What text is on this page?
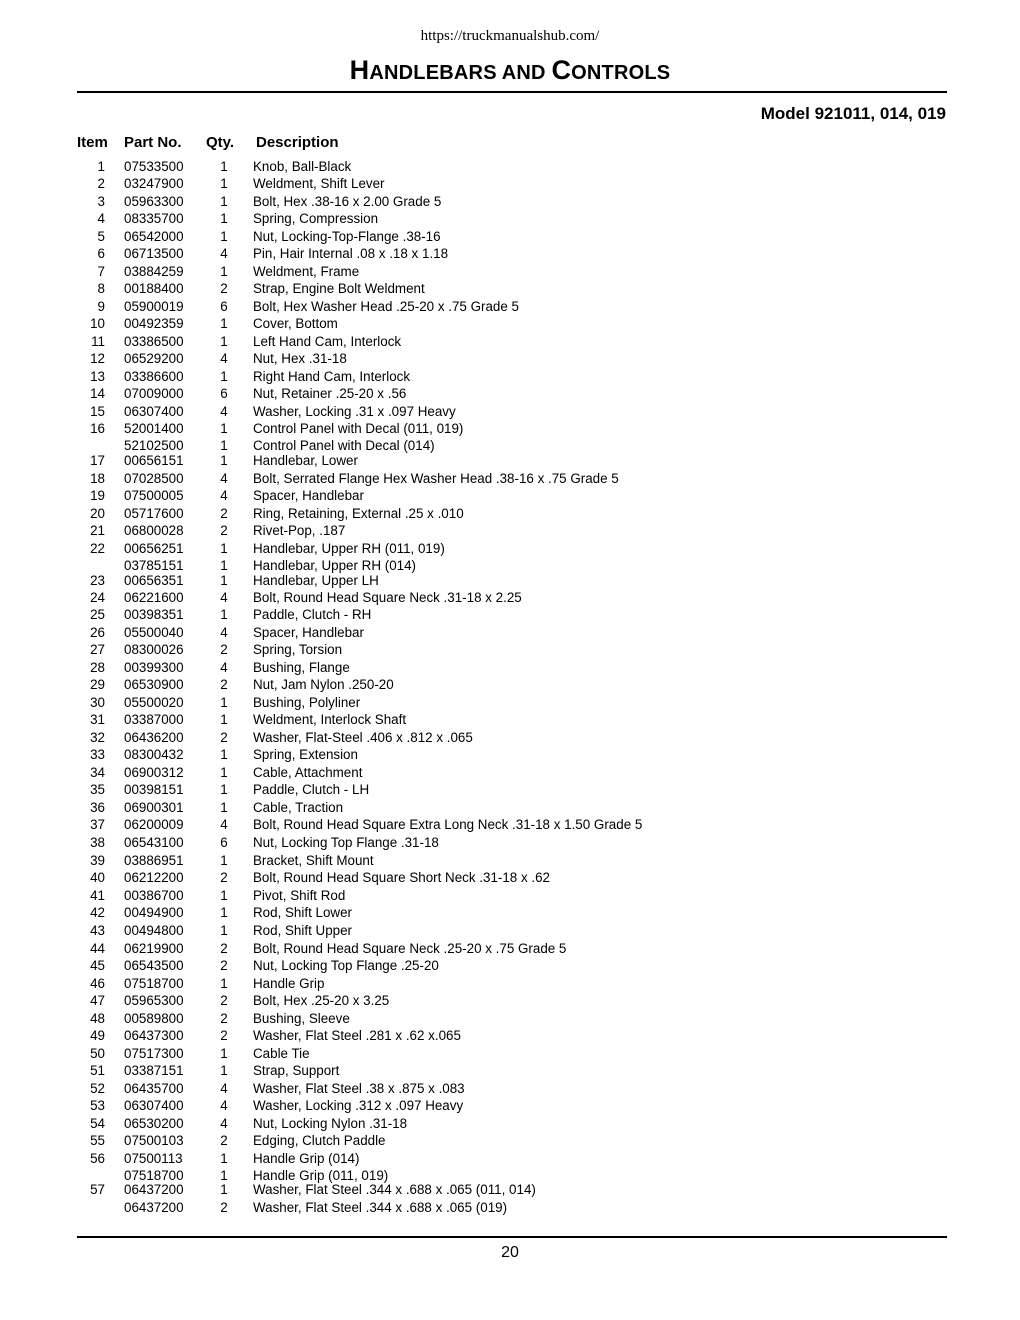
https://truckmanualshub.com/
HANDLEBARS AND CONTROLS
Model 921011, 014, 019
Item Part No. Qty. Description
1 07533500	1	Knob, Ball-Black
2 03247900	1	Weldment, Shift Lever
3 05963300	1	Bolt, Hex .38-16 x 2.00 Grade 5
4 08335700	1	Spring, Compression
5 06542000	1	Nut, Locking-Top-Flange .38-16
6 06713500	4	Pin, Hair Internal .08 x .18 x 1.18
7 03884259	1	Weldment, Frame
8 00188400	2	Strap, Engine Bolt Weldment
9 05900019	6	Bolt, Hex Washer Head .25-20 x .75 Grade 5
10 00492359	1	Cover, Bottom
11 03386500	1	Left Hand Cam, Interlock
12 06529200	4	Nut, Hex .31-18
13 03386600	1	Right Hand Cam, Interlock
14 07009000	6	Nut, Retainer .25-20 x .56
15 06307400	4	Washer, Locking .31 x .097 Heavy
16 52001400	1	Control Panel with Decal (011, 019)
52102500	1	Control Panel with Decal (014)
17 00656151	1	Handlebar, Lower
18 07028500	4	Bolt, Serrated Flange Hex Washer Head .38-16 x .75 Grade 5
19 07500005	4	Spacer, Handlebar
20 05717600	2	Ring, Retaining, External .25 x .010
21 06800028	2	Rivet-Pop, .187
22 00656251	1	Handlebar, Upper RH (011, 019)
03785151	1	Handlebar, Upper RH (014)
23 00656351	1	Handlebar, Upper LH
24 06221600	4	Bolt, Round Head Square Neck .31-18 x 2.25
25 00398351	1	Paddle, Clutch - RH
26 05500040	4	Spacer, Handlebar
27 08300026	2	Spring, Torsion
28 00399300	4	Bushing, Flange
29 06530900	2	Nut, Jam Nylon .250-20
30 05500020	1	Bushing, Polyliner
31 03387000	1	Weldment, Interlock Shaft
32 06436200	2	Washer, Flat-Steel .406 x .812 x .065
33 08300432	1	Spring, Extension
34 06900312	1	Cable, Attachment
35 00398151	1	Paddle, Clutch - LH
36 06900301	1	Cable, Traction
37 06200009	4	Bolt, Round Head Square Extra Long Neck .31-18 x 1.50 Grade 5
38 06543100	6	Nut, Locking Top Flange .31-18
39 03886951	1	Bracket, Shift Mount
40 06212200	2	Bolt, Round Head Square Short Neck .31-18 x .62
41 00386700	1	Pivot, Shift Rod
42 00494900	1	Rod, Shift Lower
43 00494800	1	Rod, Shift Upper
44 06219900	2	Bolt, Round Head Square Neck .25-20 x .75 Grade 5
45 06543500	2	Nut, Locking Top Flange .25-20
46 07518700	1	Handle Grip
47 05965300	2	Bolt, Hex .25-20 x 3.25
48 00589800	2	Bushing, Sleeve
49 06437300	2	Washer, Flat Steel .281 x .62 x.065
50 07517300	1	Cable Tie
51 03387151	1	Strap, Support
52 06435700	4	Washer, Flat Steel .38 x .875 x .083
53 06307400	4	Washer, Locking .312 x .097 Heavy
54 06530200	4	Nut, Locking Nylon .31-18
55 07500103	2	Edging, Clutch Paddle
56 07500113	1	Handle Grip (014)
07518700	1	Handle Grip (011, 019)
57 06437200	1	Washer, Flat Steel .344 x .688 x .065 (011, 014)
06437200	2	Washer, Flat Steel .344 x .688 x .065 (019)
20
